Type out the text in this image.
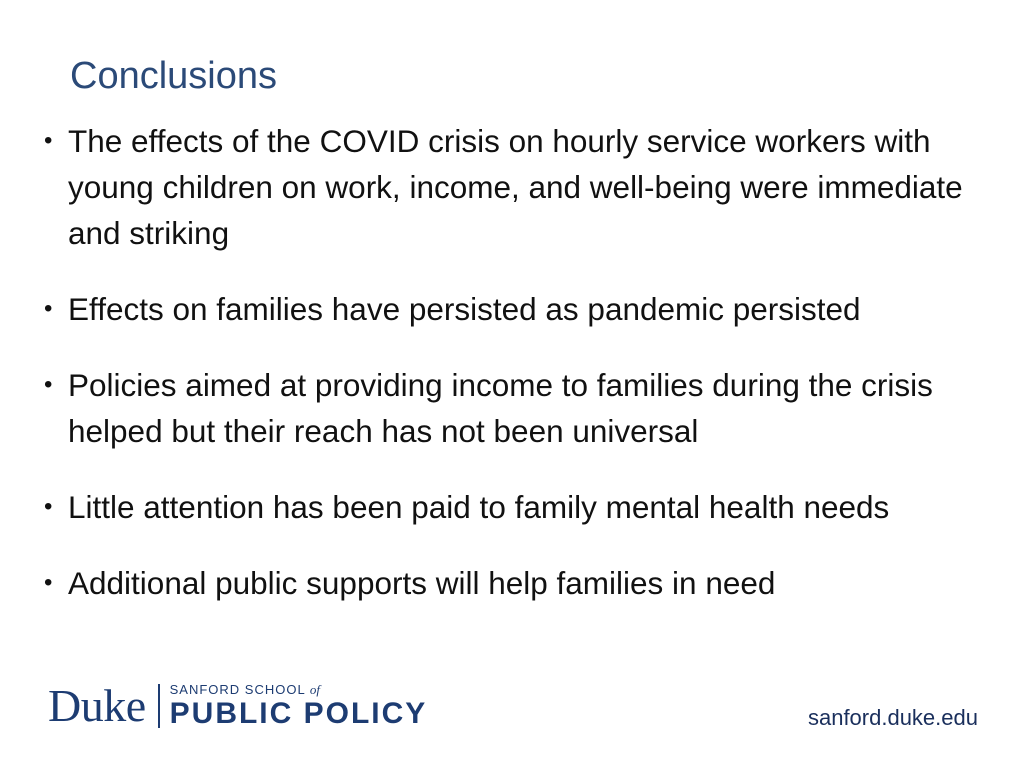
Conclusions
• The effects of the COVID crisis on hourly service workers with young children on work, income, and well-being were immediate and striking
• Effects on families have persisted as pandemic persisted
• Policies aimed at providing income to families during the crisis helped but their reach has not been universal
• Little attention has been paid to family mental health needs
• Additional public supports will help families in need
Duke SANFORD SCHOOL of
PUBLIC POLICY	sanford.duke.edu
